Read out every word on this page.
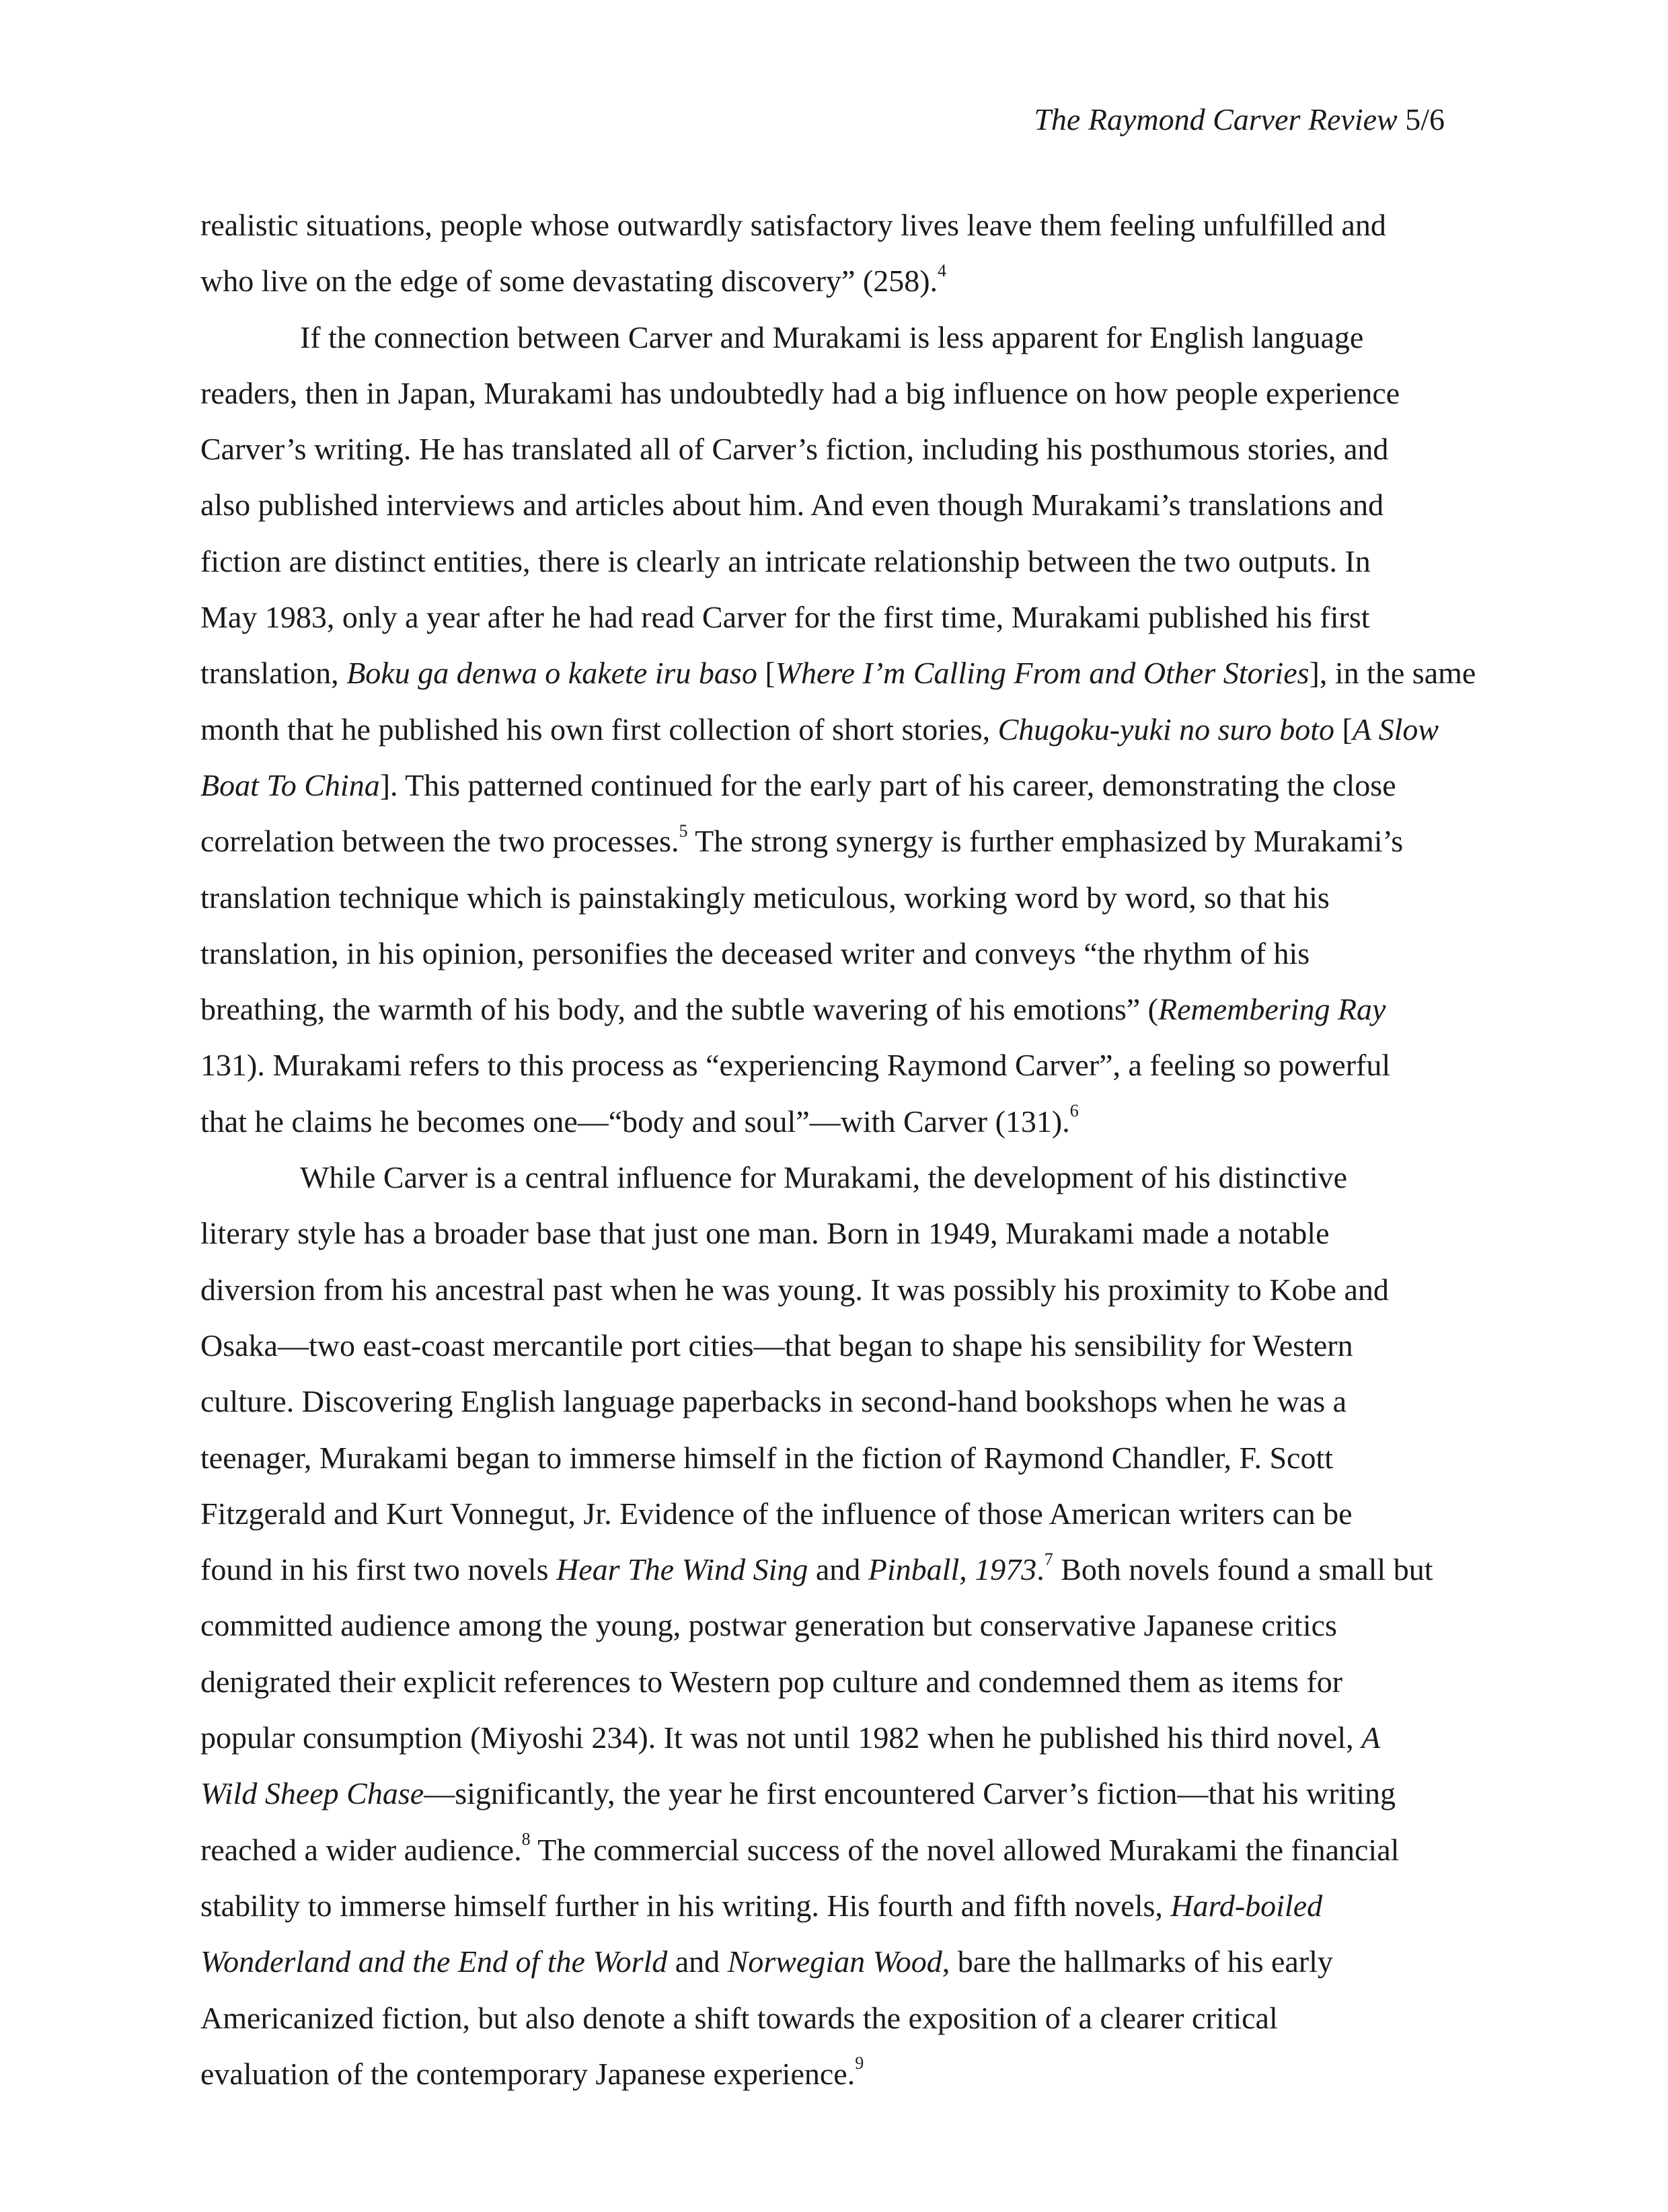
The Raymond Carver Review 5/6
realistic situations, people whose outwardly satisfactory lives leave them feeling unfulfilled and
who live on the edge of some devastating discovery” (258).$^4$
If the connection between Carver and Murakami is less apparent for English language
readers, then in Japan, Murakami has undoubtedly had a big influence on how people experience
Carver’s writing. He has translated all of Carver’s fiction, including his posthumous stories, and
also published interviews and articles about him. And even though Murakami’s translations and
fiction are distinct entities, there is clearly an intricate relationship between the two outputs. In
May 1983, only a year after he had read Carver for the first time, Murakami published his first
translation, Boku ga denwa o kakete iru baso [Where I’m Calling From and Other Stories], in the same
month that he published his own first collection of short stories, Chugoku-yuki no suro boto [A Slow
Boat To China]. This patterned continued for the early part of his career, demonstrating the close
correlation between the two processes.$^5$ The strong synergy is further emphasized by Murakami’s
translation technique which is painstakingly meticulous, working word by word, so that his
translation, in his opinion, personifies the deceased writer and conveys “the rhythm of his
breathing, the warmth of his body, and the subtle wavering of his emotions” (Remembering Ray
131). Murakami refers to this process as “experiencing Raymond Carver”, a feeling so powerful
that he claims he becomes one—“body and soul”—with Carver (131).$^6$
While Carver is a central influence for Murakami, the development of his distinctive
literary style has a broader base that just one man. Born in 1949, Murakami made a notable
diversion from his ancestral past when he was young. It was possibly his proximity to Kobe and
Osaka—two east-coast mercantile port cities—that began to shape his sensibility for Western
culture. Discovering English language paperbacks in second-hand bookshops when he was a
teenager, Murakami began to immerse himself in the fiction of Raymond Chandler, F. Scott
Fitzgerald and Kurt Vonnegut, Jr. Evidence of the influence of those American writers can be
found in his first two novels Hear The Wind Sing and Pinball, 1973.$^7$ Both novels found a small but
committed audience among the young, postwar generation but conservative Japanese critics
denigrated their explicit references to Western pop culture and condemned them as items for
popular consumption (Miyoshi 234). It was not until 1982 when he published his third novel, A
Wild Sheep Chase—significantly, the year he first encountered Carver’s fiction—that his writing
reached a wider audience.$^8$ The commercial success of the novel allowed Murakami the financial
stability to immerse himself further in his writing. His fourth and fifth novels, Hard-boiled
Wonderland and the End of the World and Norwegian Wood, bare the hallmarks of his early
Americanized fiction, but also denote a shift towards the exposition of a clearer critical
evaluation of the contemporary Japanese experience.$^9$
